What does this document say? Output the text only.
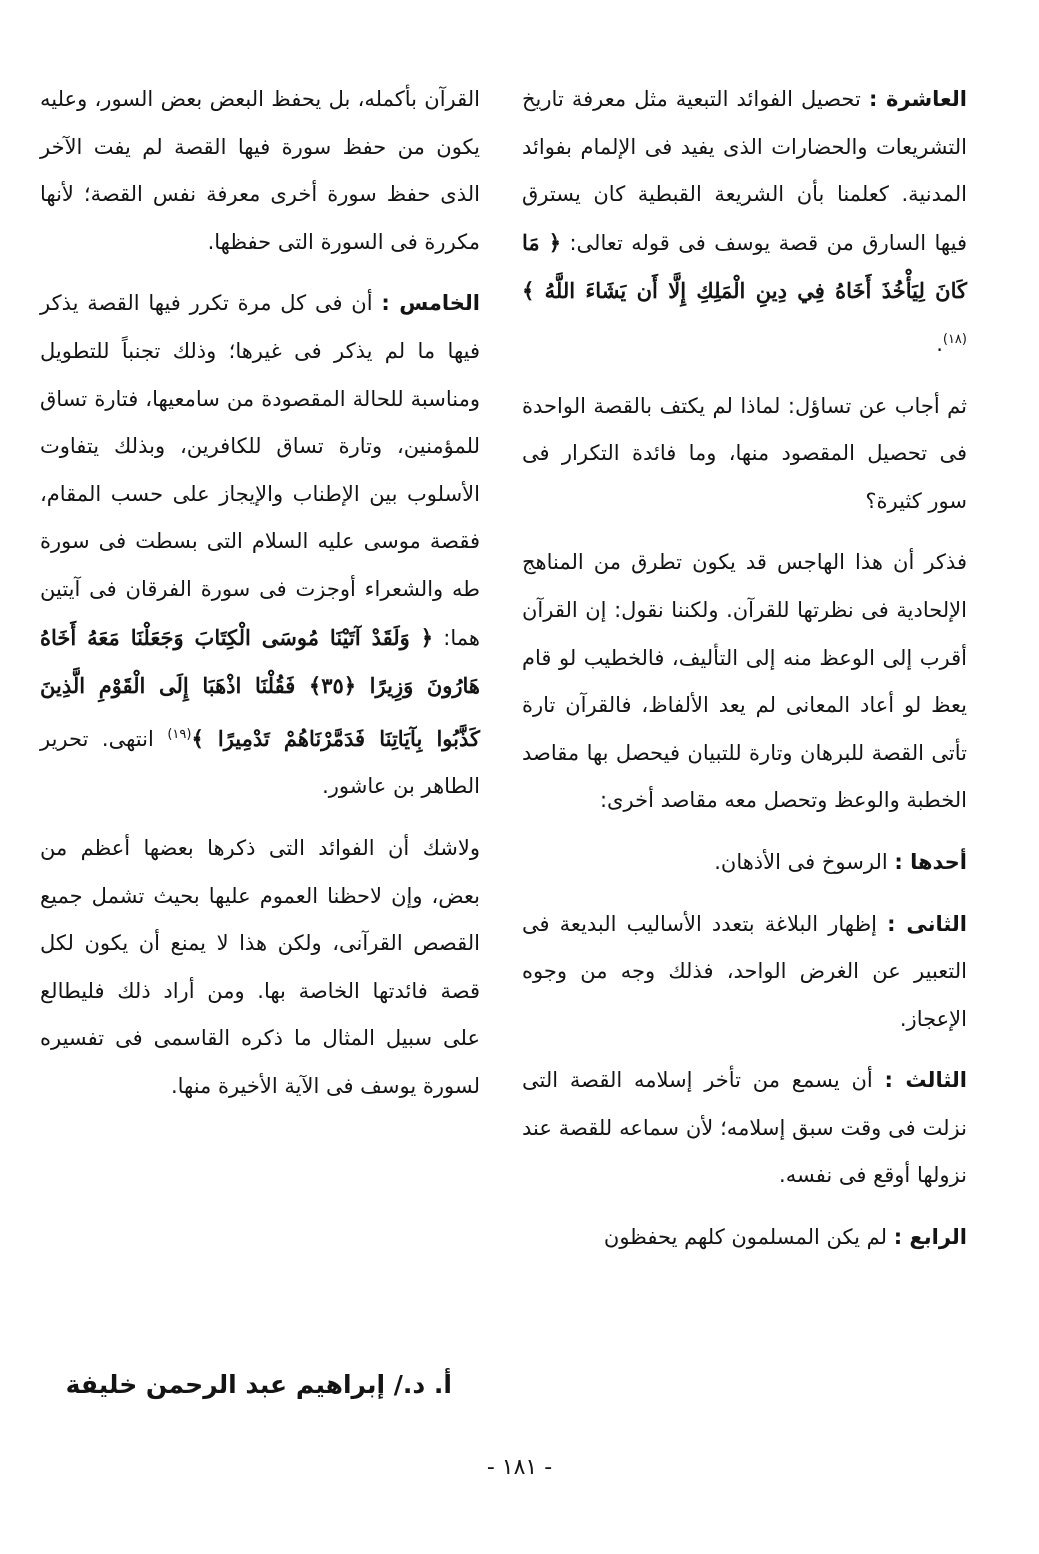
العاشرة : تحصيل الفوائد التبعية مثل معرفة تاريخ التشريعات والحضارات الذى يفيد فى الإلمام بفوائد المدنية. كعلمنا بأن الشريعة القبطية كان يسترق فيها السارق من قصة يوسف فى قوله تعالى: ﴿ مَا كَانَ لِيَأْخُذَ أَخَاهُ فِي دِينِ الْمَلِكِ إِلَّا أَن يَشَاءَ اللَّهُ ﴾$^{(١٨)}$.

ثم أجاب عن تساؤل: لماذا لم يكتف بالقصة الواحدة فى تحصيل المقصود منها، وما فائدة التكرار فى سور كثيرة؟

فذكر أن هذا الهاجس قد يكون تطرق من المناهج الإلحادية فى نظرتها للقرآن. ولكننا نقول: إن القرآن أقرب إلى الوعظ منه إلى التأليف، فالخطيب لو قام يعظ لو أعاد المعانى لم يعد الألفاظ، فالقرآن تارة تأتى القصة للبرهان وتارة للتبيان فيحصل بها مقاصد الخطبة والوعظ وتحصل معه مقاصد أخرى:

أحدها : الرسوخ فى الأذهان.

الثانى : إظهار البلاغة بتعدد الأساليب البديعة فى التعبير عن الغرض الواحد، فذلك وجه من وجوه الإعجاز.

الثالث : أن يسمع من تأخر إسلامه القصة التى نزلت فى وقت سبق إسلامه؛ لأن سماعه للقصة عند نزولها أوقع فى نفسه.

الرابع : لم يكن المسلمون كلهم يحفظون

القرآن بأكمله، بل يحفظ البعض بعض السور، وعليه يكون من حفظ سورة فيها القصة لم يفت الآخر الذى حفظ سورة أخرى معرفة نفس القصة؛ لأنها مكررة فى السورة التى حفظها.

الخامس : أن فى كل مرة تكرر فيها القصة يذكر فيها ما لم يذكر فى غيرها؛ وذلك تجنباً للتطويل ومناسبة للحالة المقصودة من سامعيها، فتارة تساق للمؤمنين، وتارة تساق للكافرين، وبذلك يتفاوت الأسلوب بين الإطناب والإيجاز على حسب المقام، فقصة موسى عليه السلام التى بسطت فى سورة طه والشعراء أوجزت فى سورة الفرقان فى آيتين هما: ﴿ وَلَقَدْ آتَيْنَا مُوسَى الْكِتَابَ وَجَعَلْنَا مَعَهُ أَخَاهُ هَارُونَ وَزِيرًا ﴿٣٥﴾ فَقُلْنَا اذْهَبَا إِلَى الْقَوْمِ الَّذِينَ كَذَّبُوا بِآيَاتِنَا فَدَمَّرْنَاهُمْ تَدْمِيرًا ﴾$^{(١٩)}$ انتهى. تحرير الطاهر بن عاشور.

ولاشك أن الفوائد التى ذكرها بعضها أعظم من بعض، وإن لاحظنا العموم عليها بحيث تشمل جميع القصص القرآنى، ولكن هذا لا يمنع أن يكون لكل قصة فائدتها الخاصة بها. ومن أراد ذلك فليطالع على سبيل المثال ما ذكره القاسمى فى تفسيره لسورة يوسف فى الآية الأخيرة منها.

أ. د./ إبراهيم عبد الرحمن خليفة
- ١٨١ -
